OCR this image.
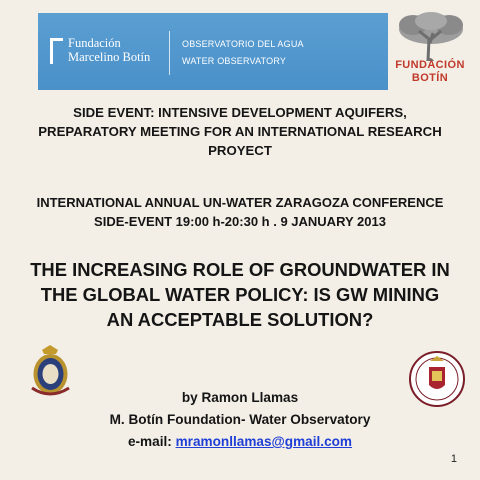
Fundación
Marcelino Botín
OBSERVATORIO DEL AGUA
WATER OBSERVATORY	FUNDACIÓN
BOTÍN
SIDE EVENT: INTENSIVE DEVELOPMENT AQUIFERS,
PREPARATORY MEETING FOR AN INTERNATIONAL RESEARCH
PROYECT
INTERNATIONAL ANNUAL UN-WATER ZARAGOZA CONFERENCE
SIDE-EVENT 19:00 h-20:30 h . 9 JANUARY 2013
THE INCREASING ROLE OF GROUNDWATER IN
THE GLOBAL WATER POLICY: IS GW MINING
AN ACCEPTABLE SOLUTION?
by Ramon Llamas
M. Botín Foundation- Water Observatory
e-mail: mramonllamas@gmail.com
1
